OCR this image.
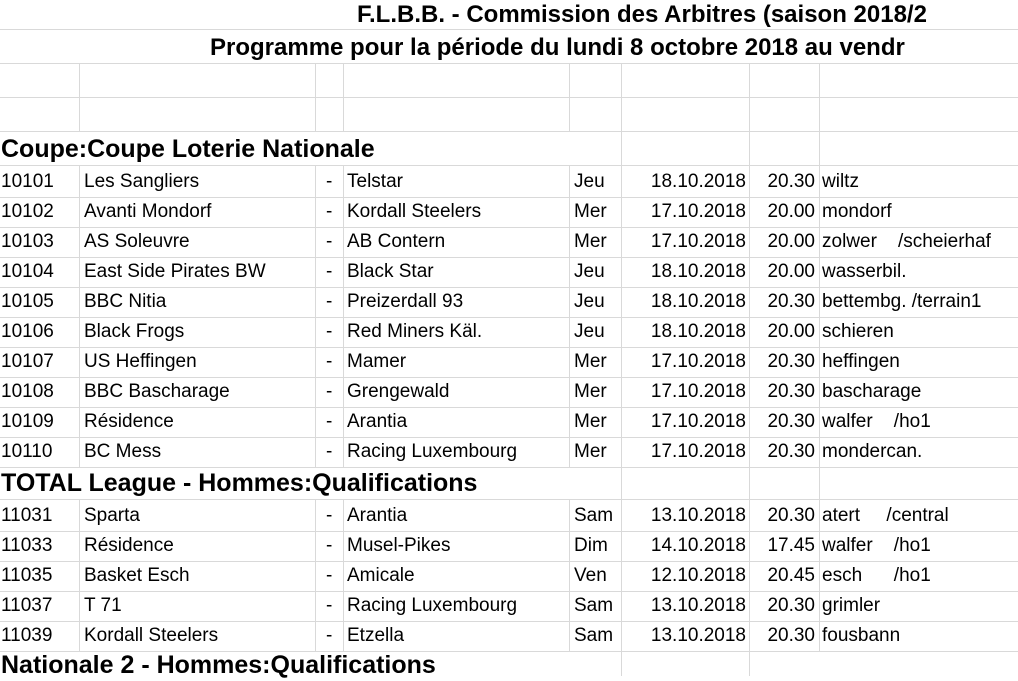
F.L.B.B. - Commission des Arbitres (saison 2018/2
Programme pour la période du lundi 8 octobre 2018 au vendr
Coupe:Coupe Loterie Nationale
10101 Les Sangliers	- Telstar	Jeu	18.10.2018	20.30 wiltz
10102 Avanti Mondorf	- Kordall Steelers	Mer	17.10.2018	20.00 mondorf
10103 AS Soleuvre	- AB Contern	Mer	17.10.2018	20.00 zolwer    /scheierhaf
10104 East Side Pirates BW	- Black Star	Jeu	18.10.2018	20.00 wasserbil.
10105 BBC Nitia	- Preizerdall 93	Jeu	18.10.2018	20.30 bettembg. /terrain1
10106 Black Frogs	- Red Miners Käl.	Jeu	18.10.2018	20.00 schieren
10107 US Heffingen	- Mamer	Mer	17.10.2018	20.30 heffingen
10108 BBC Bascharage	- Grengewald	Mer	17.10.2018	20.30 bascharage
10109 Résidence	- Arantia	Mer	17.10.2018	20.30 walfer    /ho1
10110 BC Mess	- Racing Luxembourg	Mer	17.10.2018	20.30 mondercan.
TOTAL League - Hommes:Qualifications
11031 Sparta	- Arantia	Sam	13.10.2018	20.30 atert     /central
11033 Résidence	- Musel-Pikes	Dim	14.10.2018	17.45 walfer    /ho1
11035 Basket Esch	- Amicale	Ven	12.10.2018	20.45 esch      /ho1
11037 T 71	- Racing Luxembourg	Sam	13.10.2018	20.30 grimler
11039 Kordall Steelers	- Etzella	Sam	13.10.2018	20.30 fousbann
Nationale 2 - Hommes:Qualifications
